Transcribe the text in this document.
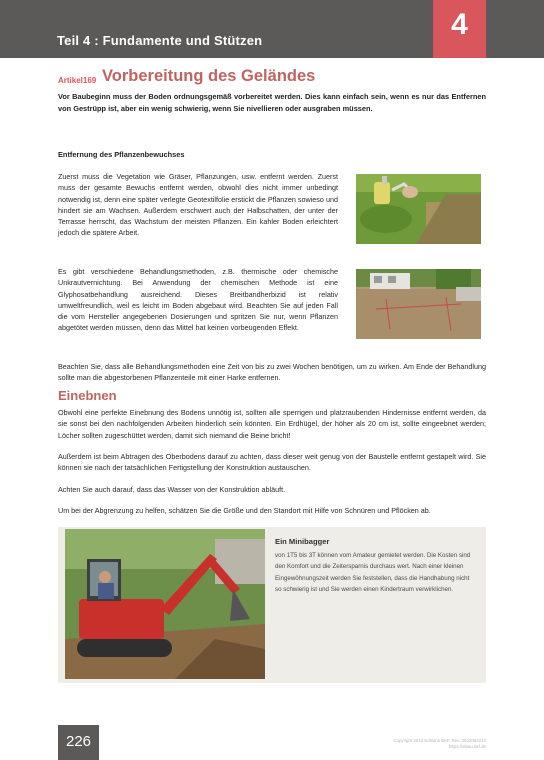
Teil 4 : Fundamente und Stützen	4
Artikel169 Vorbereitung des Geländes

Vor Baubeginn muss der Boden ordnungsgemäß vorbereitet werden. Dies kann einfach sein, wenn es nur das Entfernen von Gestrüpp ist, aber ein wenig schwierig, wenn Sie nivellieren oder ausgraben müssen.

Entfernung des Pflanzenbewuchses

Zuerst muss die Vegetation wie Gräser, Pflanzungen, usw. entfernt werden. Zuerst muss der gesamte Bewuchs entfernt werden, obwohl dies nicht immer unbedingt notwendig ist, denn eine später verlegte Geotextilfolie erstickt die Pflanzen sowieso und hindert sie am Wachsen. Außerdem erschwert auch der Halbschatten, der unter der Terrasse herrscht, das Wachstum der meisten Pflanzen. Ein kahler Boden erleichtert jedoch die spätere Arbeit.

Es gibt verschiedene Behandlungsmethoden, z.B. thermische oder chemische Unkrautvernichtung. Bei Anwendung der chemischen Methode ist eine Glyphosatbehandlung ausreichend. Dieses Breitbandherbizid ist relativ umweltfreundlich, weil es leicht im Boden abgebaut wird. Beachten Sie auf jeden Fall die vom Hersteller angegebenen Dosierungen und spritzen Sie nur, wenn Pflanzen abgetötet werden müssen, denn das Mittel hat keinen vorbeugenden Effekt.

Beachten Sie, dass alle Behandlungsmethoden eine Zeit von bis zu zwei Wochen benötigen, um zu wirken. Am Ende der Behandlung sollte man die abgestorbenen Pflanzenteile mit einer Harke entfernen.

Einebnen

Obwohl eine perfekte Einebnung des Bodens unnötig ist, sollten alle sperrigen und platzraubenden Hindernisse entfernt werden, da sie sonst bei den nachfolgenden Arbeiten hinderlich sein könnten. Ein Erdhügel, der höher als 20 cm ist, sollte eingeebnet werden; Löcher sollten zugeschüttet werden, damit sich niemand die Beine bricht!

Außerdem ist beim Abtragen des Oberbodens darauf zu achten, dass dieser weit genug von der Baustelle entfernt gestapelt wird. Sie können sie nach der tatsächlichen Fertigstellung der Konstruktion austauschen.

Achten Sie auch darauf, dass das Wasser von der Konstruktion abläuft.

Um bei der Abgrenzung zu helfen, schätzen Sie die Größe und den Standort mit Hilfe von Schnüren und Pflöcken ab.

Ein Minibagger

von 1T5 bis 3T können vom Amateur gemietet werden. Die Kosten sind den Komfort und die Zeitersparnis durchaus wert. Nach einer kleinen Eingewöhnungszeit werden Sie feststellen, dass die Handhabung nicht so schwierig ist und Sie werden einen Kindertraum verwirklichen.

226	Copyright 2022 Editions BKF. Rev. 2022082213
https://ebiau.bkf.de
